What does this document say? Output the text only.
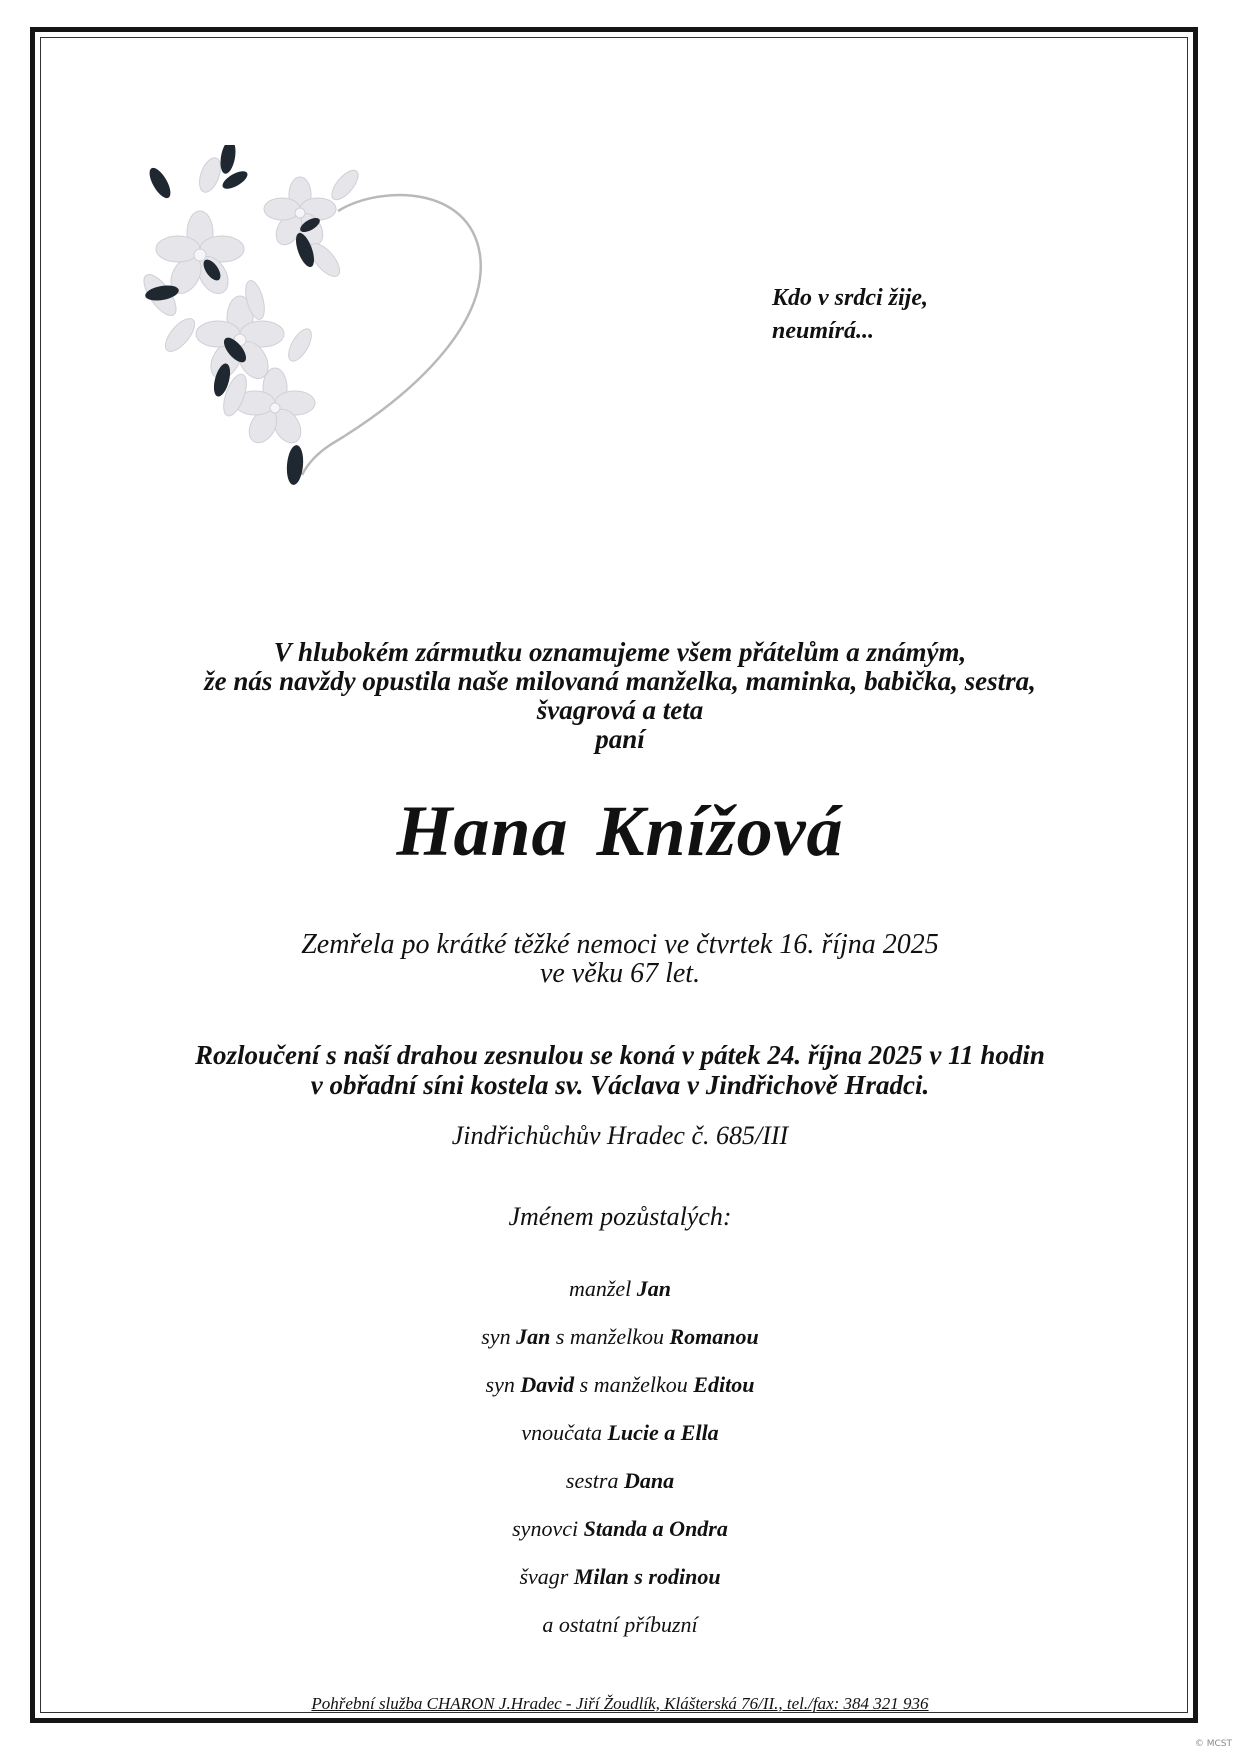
Kdo v srdci žije,
neumírá...
V hlubokém zármutku oznamujeme všem přátelům a známým,
že nás navždy opustila naše milovaná manželka, maminka, babička, sestra,
švagrová a teta
paní
Hana Knížová
Zemřela po krátké těžké nemoci ve čtvrtek 16. října 2025
ve věku 67 let.
Rozloučení s naší drahou zesnulou se koná v pátek 24. října 2025 v 11 hodin
v obřadní síni kostela sv. Václava v Jindřichově Hradci.
Jindřichůchův Hradec č. 685/III
Jménem pozůstalých:
manžel Jan
syn Jan s manželkou Romanou
syn David s manželkou Editou
vnoučata Lucie a Ella
sestra Dana
synovci Standa a Ondra
švagr Milan s rodinou
a ostatní příbuzní
Pohřební služba CHARON J.Hradec - Jiří Žoudlík, Klášterská 76/II., tel./fax: 384 321 936
© MCST
